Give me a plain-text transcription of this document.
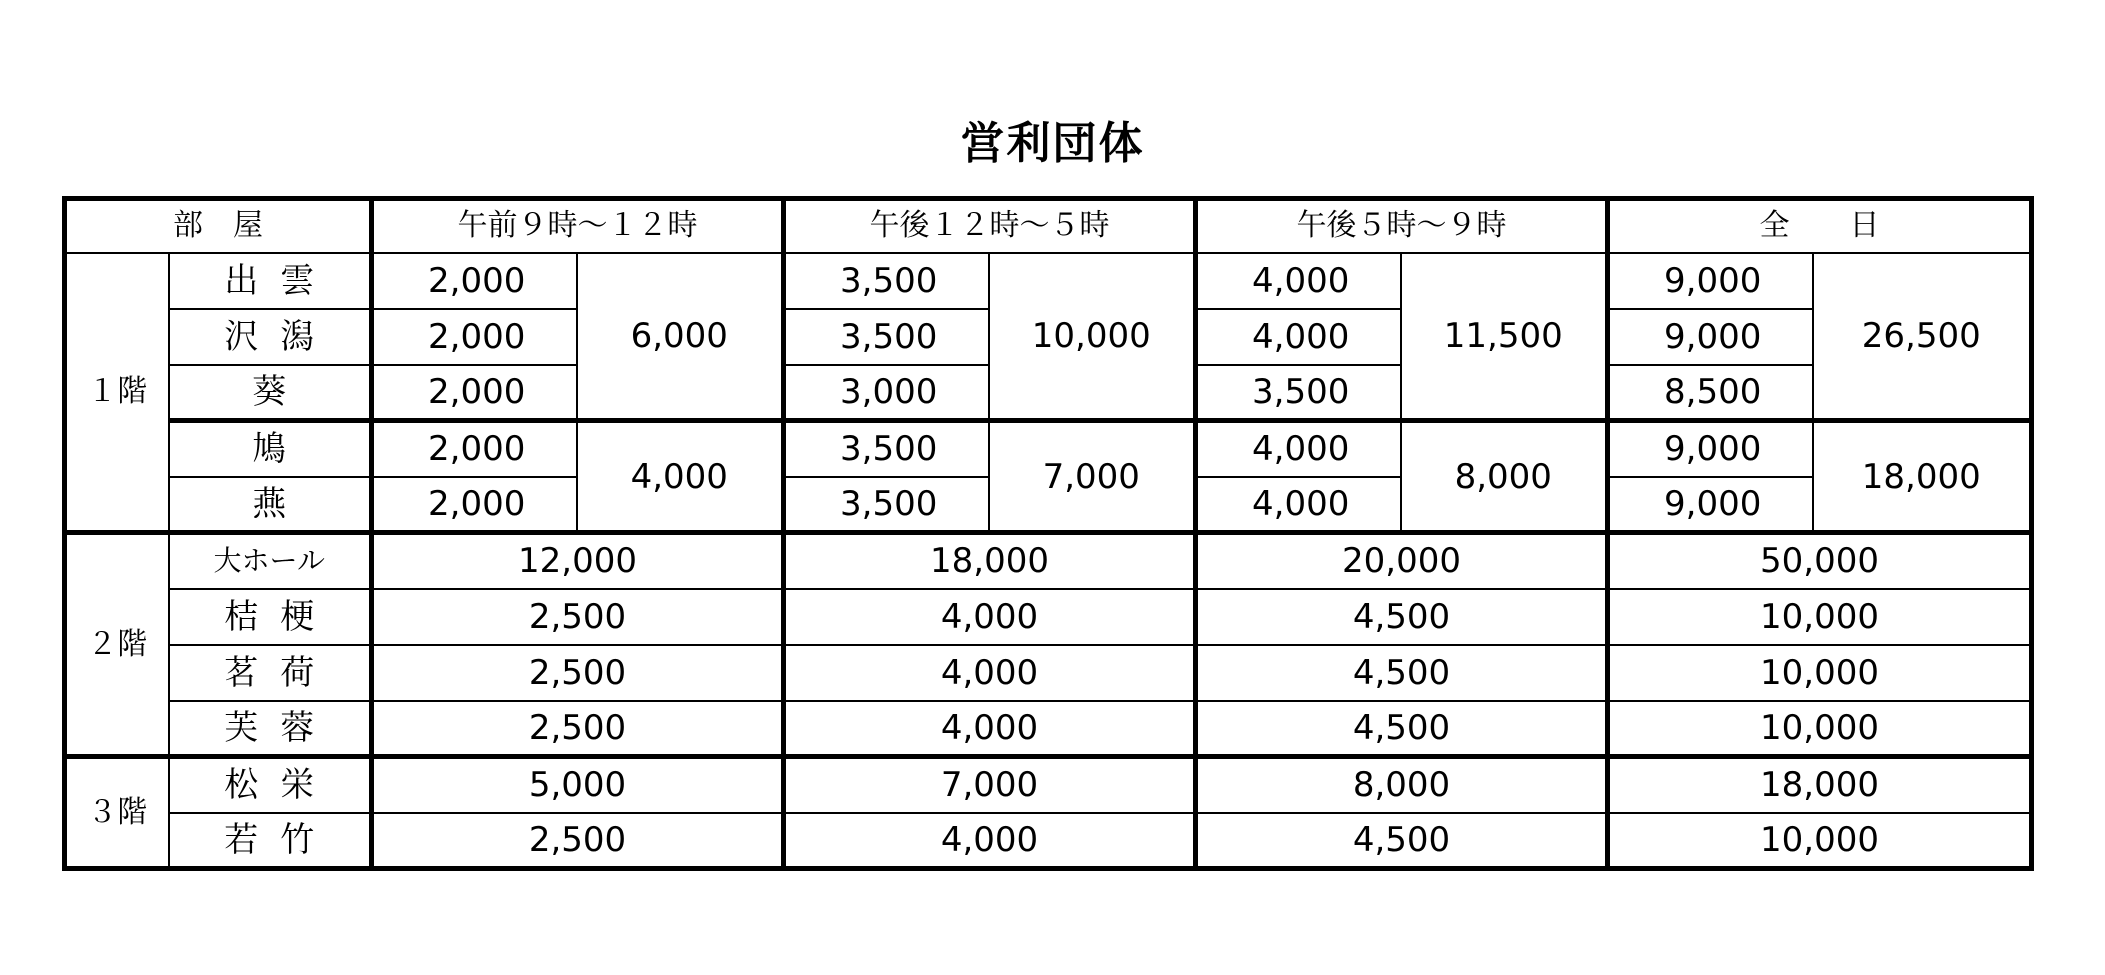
営利団体
部　屋		午前９時～１２時		午後１２時～５時		午後５時～９時		全　　日	
１階	出雲	2,000	6,000	3,500	10,000	4,000	11,500	9,000	26,500
	沢潟	2,000		3,500		4,000		9,000	
	葵	2,000		3,000		3,500		8,500	
	鳩	2,000	4,000	3,500	7,000	4,000	8,000	9,000	18,000
	燕	2,000		3,500		4,000		9,000	
２階	大ホール	12,000		18,000		20,000		50,000	
	桔梗	2,500		4,000		4,500		10,000	
	茗荷	2,500		4,000		4,500		10,000	
	芙蓉	2,500		4,000		4,500		10,000	
３階	松栄	5,000		7,000		8,000		18,000	
	若竹	2,500		4,000		4,500		10,000	
